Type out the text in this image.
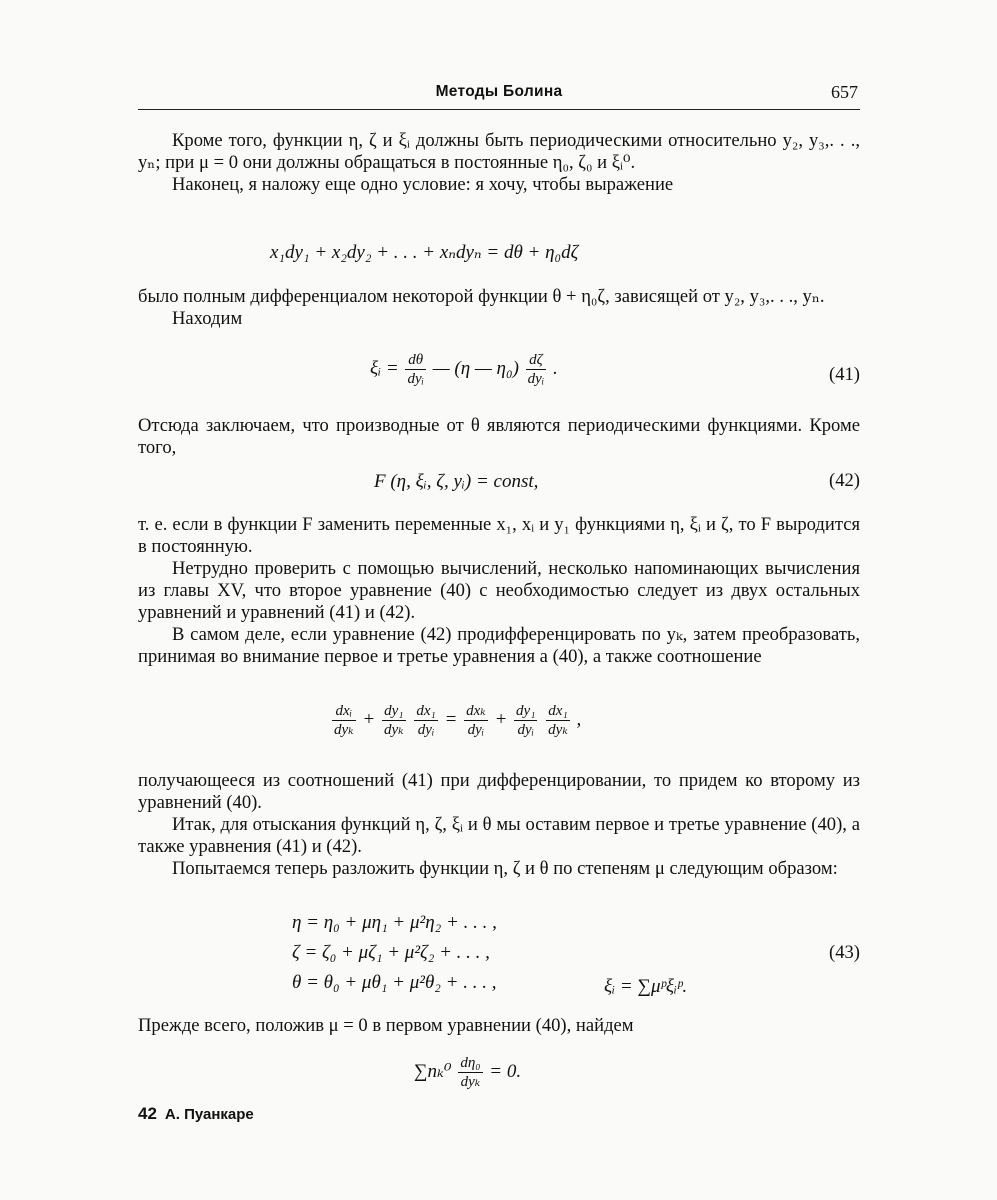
Методы Болина	657

Кроме того, функции η, ζ и ξᵢ должны быть периодическими относительно y₂, y₃,. . ., yₙ; при μ = 0 они должны обращаться в постоянные η₀, ζ₀ и ξᵢ⁰.

Наконец, я наложу еще одно условие: я хочу, чтобы выражение

x₁dy₁ + x₂dy₂ + . . . + xₙdyₙ = dθ + η₀dζ

было полным дифференциалом некоторой функции θ + η₀ζ, зависящей от y₂, y₃,. . ., yₙ.

Находим

ξᵢ = $\frac{d\theta}{\text{dyᵢ}}$ — (η — $\eta_0) \frac{d\zeta}{\text{dyᵢ}}$ .	(41)

Отсюда заключаем, что производные от θ являются периодическими функциями. Кроме того,

F (η, ξᵢ, ζ, yᵢ) = const,	(42)

т. е. если в функции F заменить переменные x₁, xᵢ и y₁ функциями η, ξᵢ и ζ, то F выродится в постоянную.

Нетрудно проверить с помощью вычислений, несколько напоминающих вычисления из главы XV, что второе уравнение (40) с необходимостью следует из двух остальных уравнений и уравнений (41) и (42).

В самом деле, если уравнение (42) продифференцировать по yₖ, затем преобразовать, принимая во внимание первое и третье уравнения а (40), а также соотношение

$\frac{\text{dxᵢ}}{\text{dyₖ}} + \frac{\text{dy₁}}{\text{dyₖ}}$
$\frac{\text{dx₁}}{\text{dyᵢ}} = \frac{\text{dxₖ}}{\text{dyᵢ}} + \frac{\text{dy₁}}{\text{dyᵢ}}$
$\frac{\text{dx₁}}{\text{dyₖ}}$ ,

получающееся из соотношений (41) при дифференцировании, то придем ко второму из уравнений (40).

Итак, для отыскания функций η, ζ, ξᵢ и θ мы оставим первое и третье уравнение (40), а также уравнения (41) и (42).

Попытаемся теперь разложить функции η, ζ и θ по степеням μ следующим образом:

η = η₀ + μη₁ + μ²η₂ + . . . ,
ζ = ζ₀ + μζ₁ + μ²ζ₂ + . . . ,
θ = θ₀ + μθ₁ + μ²θ₂ + . . . ,	ξᵢ = ∑μᵖξᵢᵖ.
(43)

Прежде всего, положив μ = 0 в первом уравнении (40), найдем

$\sum n_k^0 \frac{\text{dη₀}}{\text{dyₖ}} = 0$.
42 А. Пуанкаре
